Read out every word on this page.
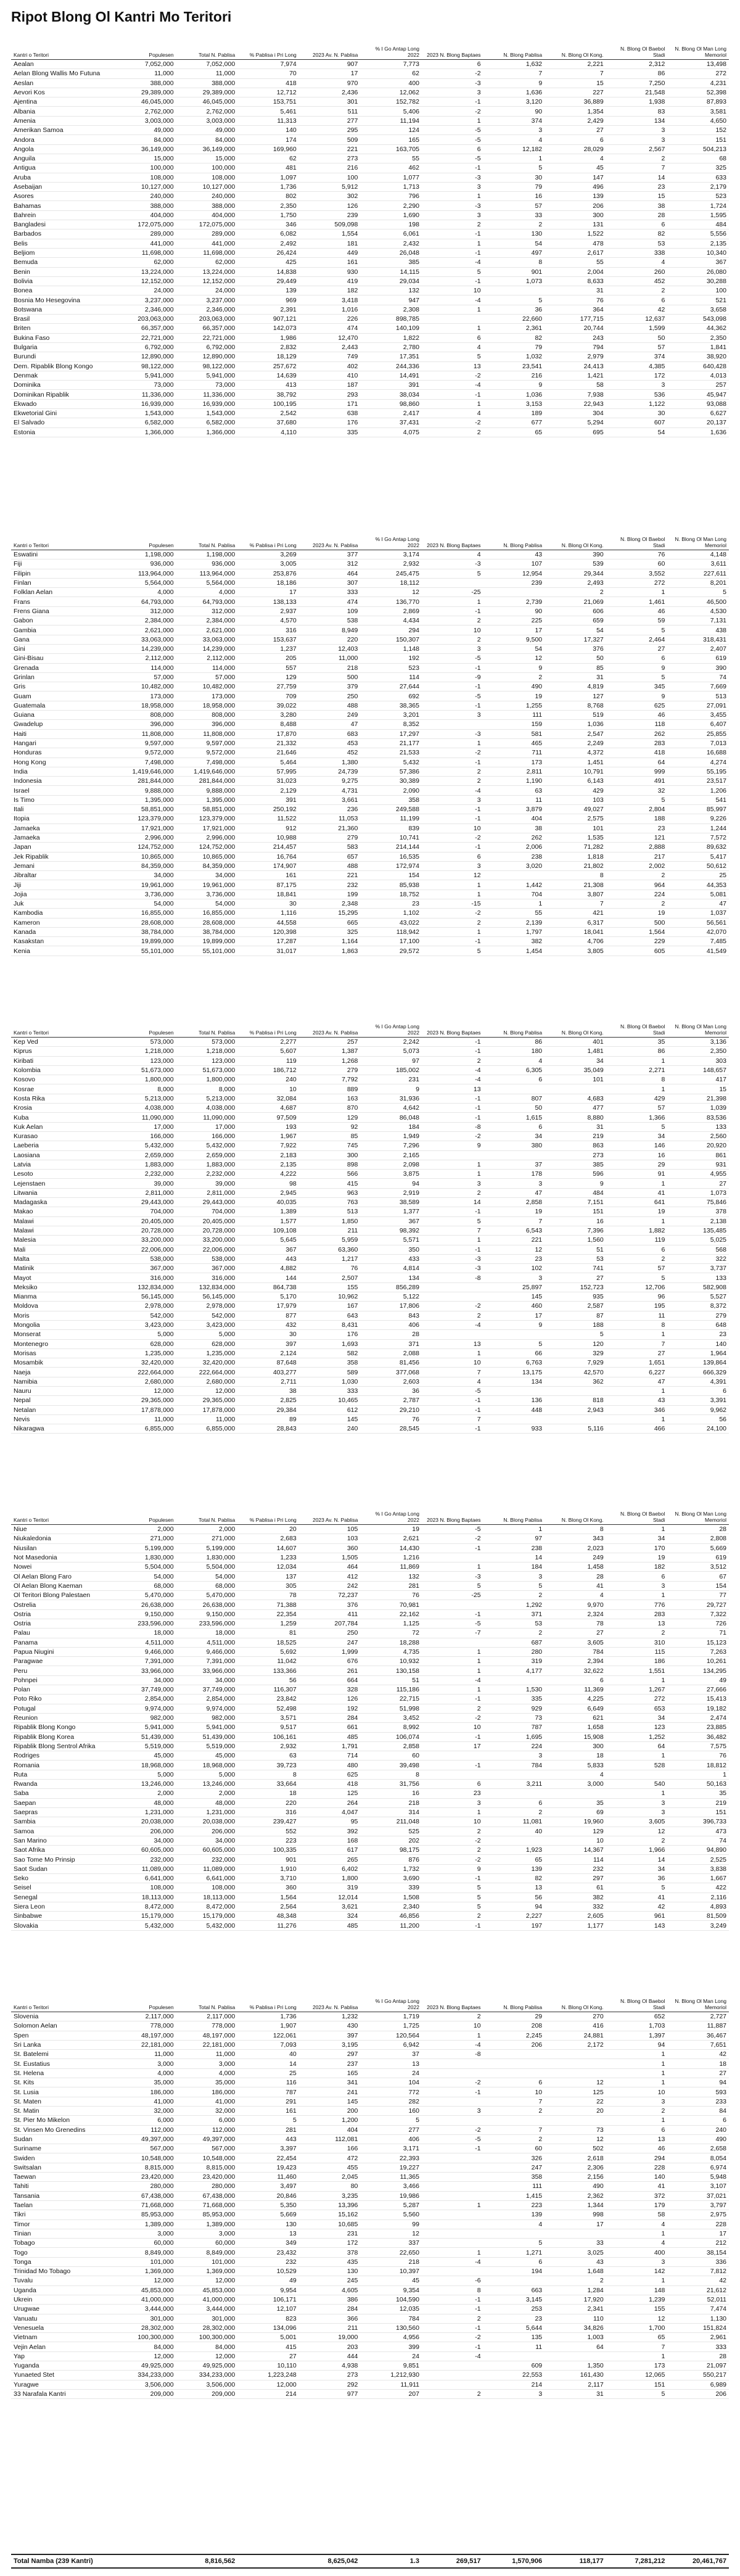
Ripot Blong Ol Kantri Mo Teritori
Kantri o Teritori	Populesen	Total N. Pablisa	% Pablisa i Pri Long	2023 Av. N. Pablisa	% I Go Antap Long 2022	2023 N. Blong Baptaes	N. Blong Pablisa	N. Blong Ol Kong.	N. Blong Ol Baebol Stadi	N. Blong Ol Man Long Memoriol
Aealan	7,052,000	7,052,000	7,974	907	7,773	6	1,632	2,221	2,312	13,498
Aelan Blong Wallis Mo Futuna	11,000	11,000	70	17	62	-2	7	7	86	272
Aeslan	388,000	388,000	418	970	400	-3	9	15	7,250	4,231
Aevori Kos	29,389,000	29,389,000	12,712	2,436	12,062	3	1,636	227	21,548	52,398
Ajentina	46,045,000	46,045,000	153,751	301	152,782	-1	3,120	36,889	1,938	87,893
Albania	2,762,000	2,762,000	5,461	511	5,406	-2	90	1,354	83	3,581
Amenia	3,003,000	3,003,000	11,313	277	11,194	1	374	2,429	134	4,650
Amerikan Samoa	49,000	49,000	140	295	124	-5	3	27	3	152
Andora	84,000	84,000	174	509	165	-5	4	6	3	151
Angola	36,149,000	36,149,000	169,960	221	163,705	6	12,182	28,029	2,567	504,213
Anguila	15,000	15,000	62	273	55	-5	1	4	2	68
Antigua	100,000	100,000	481	216	462	-1	5	45	7	325
Aruba	108,000	108,000	1,097	100	1,077	-3	30	147	14	633
Asebaijan	10,127,000	10,127,000	1,736	5,912	1,713	3	79	496	23	2,179
Asores	240,000	240,000	802	302	796	1	16	139	15	523
Bahamas	388,000	388,000	2,350	126	2,290	-3	57	206	38	1,724
Bahrein	404,000	404,000	1,750	239	1,690	3	33	300	28	1,595
Bangladesi	172,075,000	172,075,000	346	509,098	198	2	2	131	6	484
Barbados	289,000	289,000	6,082	1,554	6,061	-1	130	1,522	82	5,556
Belis	441,000	441,000	2,492	181	2,432	1	54	478	53	2,135
Beljiom	11,698,000	11,698,000	26,424	449	26,048	-1	497	2,617	338	10,340
Bemuda	62,000	62,000	425	161	385	-4	8	55	4	367
Benin	13,224,000	13,224,000	14,838	930	14,115	5	901	2,004	260	26,080
Bolivia	12,152,000	12,152,000	29,449	419	29,034	-1	1,073	8,633	452	30,288
Bonea	24,000	24,000	139	182	132	10		31	2	100
Bosnia Mo Hesegovina	3,237,000	3,237,000	969	3,418	947	-4	5	76	6	521
Botswana	2,346,000	2,346,000	2,391	1,016	2,308	1	36	364	42	3,658
Brasil	203,063,000	203,063,000	907,121	226	898,785		22,660	177,715	12,637	543,098
Briten	66,357,000	66,357,000	142,073	474	140,109	1	2,361	20,744	1,599	44,362
Bukina Faso	22,721,000	22,721,000	1,986	12,470	1,822	6	82	243	50	2,350
Bulgaria	6,792,000	6,792,000	2,832	2,443	2,780	4	79	794	57	1,841
Burundi	12,890,000	12,890,000	18,129	749	17,351	5	1,032	2,979	374	38,920
Dem. Ripablik Blong Kongo	98,122,000	98,122,000	257,672	402	244,336	13	23,541	24,413	4,385	640,428
Denmak	5,941,000	5,941,000	14,639	410	14,491	-2	216	1,421	172	4,013
Dominika	73,000	73,000	413	187	391	-4	9	58	3	257
Dominikan Ripablik	11,336,000	11,336,000	38,792	293	38,034	-1	1,036	7,938	536	45,947
Ekwado	16,939,000	16,939,000	100,195	171	98,860	1	3,153	22,943	1,122	93,088
Ekwetorial Gini	1,543,000	1,543,000	2,542	638	2,417	4	189	304	30	6,627
El Salvado	6,582,000	6,582,000	37,680	176	37,431	-2	677	5,294	607	20,137
Estonia	1,366,000	1,366,000	4,110	335	4,075	2	65	695	54	1,636
Kantri o Teritori	Populesen	Total N. Pablisa	% Pablisa i Pri Long	2023 Av. N. Pablisa	% I Go Antap Long 2022	2023 N. Blong Baptaes	N. Blong Pablisa	N. Blong Ol Kong.	N. Blong Ol Baebol Stadi	N. Blong Ol Man Long Memoriol
Eswatini	1,198,000	1,198,000	3,269	377	3,174	4	43	390	76	4,148
Fiji	936,000	936,000	3,005	312	2,932	-3	107	539	60	3,611
Filipin	113,964,000	113,964,000	253,876	464	245,475	5	12,954	29,344	3,552	227,611
Finlan	5,564,000	5,564,000	18,186	307	18,112		239	2,493	272	8,201
Folklan Aelan	4,000	4,000	17	333	12	-25		2	1	5
Frans	64,793,000	64,793,000	138,133	474	136,770	1	2,739	21,069	1,461	46,500
Frens Giana	312,000	312,000	2,937	109	2,869	-1	90	606	46	4,530
Gabon	2,384,000	2,384,000	4,570	538	4,434	2	225	659	59	7,131
Gambia	2,621,000	2,621,000	316	8,949	294	10	17	54	5	438
Gana	33,063,000	33,063,000	153,637	220	150,307	2	9,500	17,327	2,464	318,431
Gini	14,239,000	14,239,000	1,237	12,403	1,148	3	54	376	27	2,407
Gini-Bisau	2,112,000	2,112,000	205	11,000	192	-5	12	50	6	619
Grenada	114,000	114,000	557	218	523	-1	9	85	9	390
Grinlan	57,000	57,000	129	500	114	-9	2	31	5	74
Gris	10,482,000	10,482,000	27,759	379	27,644	-1	490	4,819	345	7,669
Guam	173,000	173,000	709	250	692	-5	19	127	9	513
Guatemala	18,958,000	18,958,000	39,022	488	38,365	-1	1,255	8,768	625	27,091
Guiana	808,000	808,000	3,280	249	3,201	3	111	519	46	3,455
Gwadelup	396,000	396,000	8,488	47	8,352		159	1,036	118	6,407
Haiti	11,808,000	11,808,000	17,870	683	17,297	-3	581	2,547	262	25,855
Hangari	9,597,000	9,597,000	21,332	453	21,177	1	465	2,249	283	7,013
Honduras	9,572,000	9,572,000	21,646	452	21,533	-2	711	4,372	418	16,688
Hong Kong	7,498,000	7,498,000	5,464	1,380	5,432	-1	173	1,451	64	4,274
India	1,419,646,000	1,419,646,000	57,995	24,739	57,386	2	2,811	10,791	999	55,195
Indonesia	281,844,000	281,844,000	31,023	9,275	30,389	2	1,190	6,143	491	23,517
Israel	9,888,000	9,888,000	2,129	4,731	2,090	-4	63	429	32	1,206
Is Timo	1,395,000	1,395,000	391	3,661	358	3	11	103	5	541
Itali	58,851,000	58,851,000	250,192	236	249,588	-1	3,879	49,027	2,804	85,997
Itopia	123,379,000	123,379,000	11,522	11,053	11,199	-1	404	2,575	188	9,226
Jamaeka	17,921,000	17,921,000	912	21,360	839	10	38	101	23	1,244
Jamaeka	2,996,000	2,996,000	10,988	279	10,741	-2	262	1,535	121	7,572
Japan	124,752,000	124,752,000	214,457	583	214,144	-1	2,006	71,282	2,888	89,632
Jek Ripablik	10,865,000	10,865,000	16,764	657	16,535	6	238	1,818	217	5,417
Jemani	84,359,000	84,359,000	174,907	488	172,974	3	3,020	21,802	2,002	50,612
Jibraltar	34,000	34,000	161	221	154	12		8	2	25
Jiji	19,961,000	19,961,000	87,175	232	85,938	1	1,442	21,308	964	44,353
Jojia	3,736,000	3,736,000	18,841	199	18,752	1	704	3,807	224	5,081
Juk	54,000	54,000	30	2,348	23	-15	1	7	2	47
Kambodia	16,855,000	16,855,000	1,116	15,295	1,102	-2	55	421	19	1,037
Kameron	28,608,000	28,608,000	44,558	665	43,022	2	2,139	6,317	500	56,561
Kanada	38,784,000	38,784,000	120,398	325	118,942	1	1,797	18,041	1,564	42,070
Kasakstan	19,899,000	19,899,000	17,287	1,164	17,100	-1	382	4,706	229	7,485
Kenia	55,101,000	55,101,000	31,017	1,863	29,572	5	1,454	3,805	605	41,549
Kantri o Teritori	Populesen	Total N. Pablisa	% Pablisa i Pri Long	2023 Av. N. Pablisa	% I Go Antap Long 2022	2023 N. Blong Baptaes	N. Blong Pablisa	N. Blong Ol Kong.	N. Blong Ol Baebol Stadi	N. Blong Ol Man Long Memoriol
Kep Ved	573,000	573,000	2,277	257	2,242	-1	86	401	35	3,136
Kiprus	1,218,000	1,218,000	5,607	1,387	5,073	-1	180	1,481	86	2,350
Kiribati	123,000	123,000	119	1,268	97	2	4	34	1	303
Kolombia	51,673,000	51,673,000	186,712	279	185,002	-4	6,305	35,049	2,271	148,657
Kosovo	1,800,000	1,800,000	240	7,792	231	-4	6	101	8	417
Kosrae	8,000	8,000	10	889	9	13			1	15
Kosta Rika	5,213,000	5,213,000	32,084	163	31,936	-1	807	4,683	429	21,398
Krosia	4,038,000	4,038,000	4,687	870	4,642	-1	50	477	57	1,039
Kuba	11,090,000	11,090,000	97,509	129	86,048	-1	1,615	8,880	1,366	83,536
Kuk Aelan	17,000	17,000	193	92	184	-8	6	31	5	133
Kurasao	166,000	166,000	1,967	85	1,949	-2	34	219	34	2,560
Laeberia	5,432,000	5,432,000	7,922	745	7,296	9	380	863	146	20,920
Laosiana	2,659,000	2,659,000	2,183	300	2,165			273	16	861
Latvia	1,883,000	1,883,000	2,135	898	2,098	1	37	385	29	931
Lesoto	2,232,000	2,232,000	4,222	566	3,875	1	178	596	91	4,955
Lejenstaen	39,000	39,000	98	415	94	3	3	9	1	27
Litwania	2,811,000	2,811,000	2,945	963	2,919	2	47	484	41	1,073
Madagaska	29,443,000	29,443,000	40,035	763	38,589	14	2,858	7,151	641	75,846
Makao	704,000	704,000	1,389	513	1,377	-1	19	151	19	378
Malawi	20,405,000	20,405,000	1,577	1,850	367	5	7	16	1	2,138
Malawi	20,728,000	20,728,000	109,108	211	98,392	7	6,543	7,396	1,882	135,485
Malesia	33,200,000	33,200,000	5,645	5,959	5,571	1	221	1,560	119	5,025
Mali	22,006,000	22,006,000	367	63,360	350	-1	12	51	6	568
Malta	538,000	538,000	443	1,217	433	-3	23	53	2	322
Matinik	367,000	367,000	4,882	76	4,814	-3	102	741	57	3,737
Mayot	316,000	316,000	144	2,507	134	-8	3	27	5	133
Meksiko	132,834,000	132,834,000	864,738	155	856,289		25,897	152,723	12,706	582,908
Mianma	56,145,000	56,145,000	5,170	10,962	5,122		145	935	96	5,527
Moldova	2,978,000	2,978,000	17,979	167	17,806	-2	460	2,587	195	8,372
Moris	542,000	542,000	877	643	843	2	17	87	11	279
Mongolia	3,423,000	3,423,000	432	8,431	406	-4	9	188	8	648
Monserat	5,000	5,000	30	176	28			5	1	23
Montenegro	628,000	628,000	397	1,693	371	13	5	120	7	140
Morisas	1,235,000	1,235,000	2,124	582	2,088	1	66	329	27	1,964
Mosambik	32,420,000	32,420,000	87,648	358	81,456	10	6,763	7,929	1,651	139,864
Naeja	222,664,000	222,664,000	403,277	589	377,068	7	13,175	42,570	6,227	666,329
Namibia	2,680,000	2,680,000	2,711	1,030	2,603	4	134	362	47	4,391
Nauru	12,000	12,000	38	333	36	-5			1	6
Nepal	29,365,000	29,365,000	2,825	10,465	2,787	-1	136	818	43	3,391
Netalan	17,878,000	17,878,000	29,384	612	29,210	-1	448	2,943	346	9,962
Nevis	11,000	11,000	89	145	76	7			1	56
Nikaragwa	6,855,000	6,855,000	28,843	240	28,545	-1	933	5,116	466	24,100
Kantri o Teritori	Populesen	Total N. Pablisa	% Pablisa i Pri Long	2023 Av. N. Pablisa	% I Go Antap Long 2022	2023 N. Blong Baptaes	N. Blong Pablisa	N. Blong Ol Kong.	N. Blong Ol Baebol Stadi	N. Blong Ol Man Long Memoriol
Niue	2,000	2,000	20	105	19	-5	1	8	1	28
Niukaledonia	271,000	271,000	2,683	103	2,621	-2	97	343	34	2,808
Niusilan	5,199,000	5,199,000	14,607	360	14,430	-1	238	2,023	170	5,669
Not Masedonia	1,830,000	1,830,000	1,233	1,505	1,216		14	249	19	619
Nowei	5,504,000	5,504,000	12,034	464	11,869	1	184	1,458	182	3,512
Ol Aelan Blong Faro	54,000	54,000	137	412	132	-3	3	28	6	67
Ol Aelan Blong Kaeman	68,000	68,000	305	242	281	5	5	41	3	154
Ol Teritori Blong Palestaen	5,470,000	5,470,000	78	72,237	76	-25	2	4	1	77
Ostrelia	26,638,000	26,638,000	71,388	376	70,981		1,292	9,970	776	29,727
Ostria	9,150,000	9,150,000	22,354	411	22,162	-1	371	2,324	283	7,322
Ostria	233,596,000	233,596,000	1,259	207,784	1,125	-5	53	78	13	726
Palau	18,000	18,000	81	250	72	-7	2	27	2	71
Panama	4,511,000	4,511,000	18,525	247	18,288		687	3,605	310	15,123
Papua Niugini	9,466,000	9,466,000	5,692	1,999	4,735	1	280	784	115	7,263
Paragwae	7,391,000	7,391,000	11,042	676	10,932	1	319	2,394	186	10,261
Peru	33,966,000	33,966,000	133,366	261	130,158	1	4,177	32,622	1,551	134,295
Pohnpei	34,000	34,000	56	664	51	-4		6	1	49
Polan	37,749,000	37,749,000	116,307	328	115,186	1	1,530	11,369	1,267	27,666
Poto Riko	2,854,000	2,854,000	23,842	126	22,715	-1	335	4,225	272	15,413
Potugal	9,974,000	9,974,000	52,498	192	51,998	2	929	6,649	653	19,182
Reunion	982,000	982,000	3,571	284	3,452	-2	73	621	34	2,474
Ripablik Blong Kongo	5,941,000	5,941,000	9,517	661	8,992	10	787	1,658	123	23,885
Ripablik Blong Korea	51,439,000	51,439,000	106,161	485	106,074	-1	1,695	15,908	1,252	36,482
Ripablik Blong Sentrol Afrika	5,519,000	5,519,000	2,932	1,791	2,858	17	224	300	64	7,575
Rodriges	45,000	45,000	63	714	60		3	18	1	76
Romania	18,968,000	18,968,000	39,723	480	39,498	-1	784	5,833	528	18,812
Ruta	5,000	5,000	8	625	8			4		1
Rwanda	13,246,000	13,246,000	33,664	418	31,756	6	3,211	3,000	540	50,163
Saba	2,000	2,000	18	125	16	23			1	35
Saepan	48,000	48,000	220	264	218	3	6	35	3	219
Saepras	1,231,000	1,231,000	316	4,047	314	1	2	69	3	151
Sambia	20,038,000	20,038,000	239,427	95	211,048	10	11,081	19,960	3,605	396,733
Samoa	206,000	206,000	552	392	525	2	40	129	12	473
San Marino	34,000	34,000	223	168	202	-2		10	2	74
Saot Afrika	60,605,000	60,605,000	100,335	617	98,175	2	1,923	14,367	1,966	94,890
Sao Tome Mo Prinsip	232,000	232,000	901	265	876	-2	65	114	14	2,525
Saot Sudan	11,089,000	11,089,000	1,910	6,402	1,732	9	139	232	34	3,838
Seko	6,641,000	6,641,000	3,710	1,800	3,690	-1	82	297	36	1,667
Seisel	108,000	108,000	360	319	339	5	13	61	5	422
Senegal	18,113,000	18,113,000	1,564	12,014	1,508	5	56	382	41	2,116
Siera Leon	8,472,000	8,472,000	2,564	3,621	2,340	5	94	332	42	4,893
Sinbabwe	15,179,000	15,179,000	48,348	324	46,856	2	2,227	2,605	961	81,509
Slovakia	5,432,000	5,432,000	11,276	485	11,200	-1	197	1,177	143	3,249
Kantri o Teritori	Populesen	Total N. Pablisa	% Pablisa i Pri Long	2023 Av. N. Pablisa	% I Go Antap Long 2022	2023 N. Blong Baptaes	N. Blong Pablisa	N. Blong Ol Kong.	N. Blong Ol Baebol Stadi	N. Blong Ol Man Long Memoriol
Slovenia	2,117,000	2,117,000	1,736	1,232	1,719	2	29	270	652	2,727
Solomon Aelan	778,000	778,000	1,907	430	1,725	10	208	416	1,703	11,887
Spen	48,197,000	48,197,000	122,061	397	120,564	1	2,245	24,881	1,397	36,467
Sri Lanka	22,181,000	22,181,000	7,093	3,195	6,942	-4	206	2,172	94	7,651
St. Batelemi	11,000	11,000	40	297	37	-8			1	42
St. Eustatius	3,000	3,000	14	237	13				1	18
St. Helena	4,000	4,000	25	165	24				1	27
St. Kits	35,000	35,000	116	341	104	-2	6	12	1	94
St. Lusia	186,000	186,000	787	241	772	-1	10	125	10	593
St. Maten	41,000	41,000	291	145	282		7	22	3	233
St. Matin	32,000	32,000	161	200	160	3	2	20	2	84
St. Pier Mo Mikelon	6,000	6,000	5	1,200	5				1	6
St. Vinsen Mo Grenedins	112,000	112,000	281	404	277	-2	7	73	6	240
Sudan	49,397,000	49,397,000	443	112,081	406	-5	2	12	13	490
Suriname	567,000	567,000	3,397	166	3,171	-1	60	502	46	2,658
Swiden	10,548,000	10,548,000	22,454	472	22,393		326	2,618	294	8,054
Switsalan	8,815,000	8,815,000	19,423	455	19,227		247	2,306	228	6,974
Taewan	23,420,000	23,420,000	11,460	2,045	11,365		358	2,156	140	5,948
Tahiti	280,000	280,000	3,497	80	3,466		111	490	41	3,107
Tansania	67,438,000	67,438,000	20,846	3,235	19,986		1,415	2,362	372	37,021
Taelan	71,668,000	71,668,000	5,350	13,396	5,287	1	223	1,344	179	3,797
Tikri	85,953,000	85,953,000	5,669	15,162	5,560		139	998	58	2,975
Timor	1,389,000	1,389,000	130	10,685	99		4	17	4	228
Tinian	3,000	3,000	13	231	12				1	17
Tobago	60,000	60,000	349	172	337		5	33	4	212
Togo	8,849,000	8,849,000	23,432	378	22,650	1	1,271	3,025	400	38,154
Tonga	101,000	101,000	232	435	218	-4	6	43	3	336
Trinidad Mo Tobago	1,369,000	1,369,000	10,529	130	10,397		194	1,648	142	7,812
Tuvalu	12,000	12,000	49	245	45	-6		2	1	42
Uganda	45,853,000	45,853,000	9,954	4,605	9,354	8	663	1,284	148	21,612
Ukrein	41,000,000	41,000,000	106,171	386	104,590	-1	3,145	17,920	1,239	52,011
Urugwae	3,444,000	3,444,000	12,107	284	12,035	-1	253	2,341	155	7,474
Vanuatu	301,000	301,000	823	366	784	2	23	110	12	1,130
Venesuela	28,302,000	28,302,000	134,096	211	130,560	-1	5,644	34,826	1,700	151,824
Vietnam	100,300,000	100,300,000	5,001	19,000	4,956	-2	135	1,003	65	2,961
Vejin Aelan	84,000	84,000	415	203	399	-1	11	64	7	333
Yap	12,000	12,000	27	444	24	-4			1	28
Yuganda	49,925,000	49,925,000	10,110	4,938	9,851		609	1,350	173	21,097
Yunaeted Stet	334,233,000	334,233,000	1,223,248	273	1,212,930		22,553	161,430	12,065	550,217
Yuragwe	3,506,000	3,506,000	12,000	292	11,911		214	2,117	151	6,989
33 Narafala Kantri	209,000	209,000	214	977	207	2	3	31	5	206
Total Namba (239 Kantri)		8,816,562		8,625,042	1.3	269,517	1,570,906	118,177	7,281,212	20,461,767
